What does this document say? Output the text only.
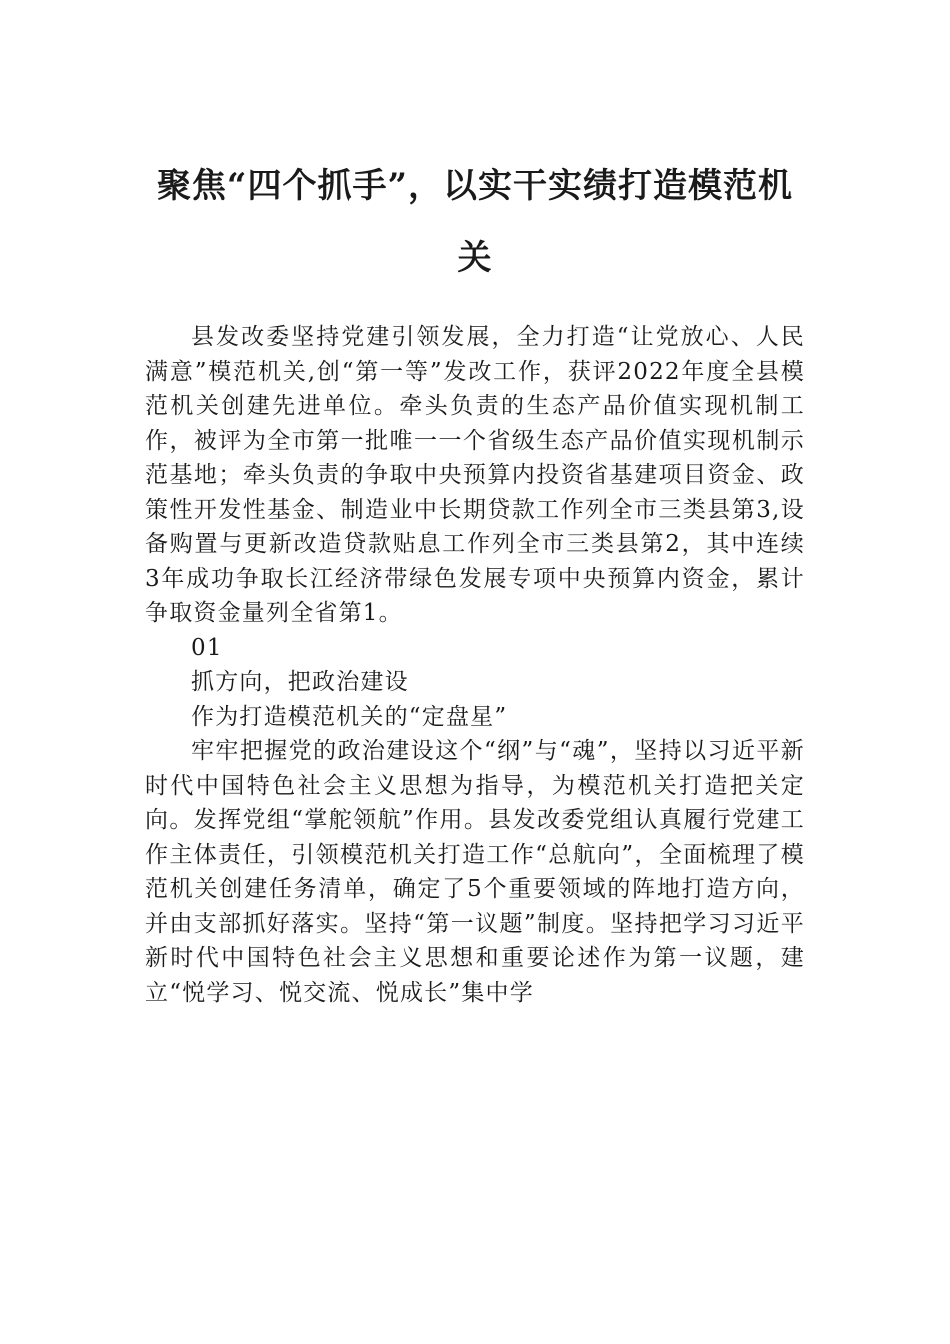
聚焦“四个抓手”，以实干实绩打造模范机关

县发改委坚持党建引领发展，全力打造“让党放心、人民满意”模范机关,创“第一等”发改工作，获评2022年度全县模范机关创建先进单位。牵头负责的生态产品价值实现机制工作，被评为全市第一批唯一一个省级生态产品价值实现机制示范基地；牵头负责的争取中央预算内投资省基建项目资金、政策性开发性基金、制造业中长期贷款工作列全市三类县第3,设备购置与更新改造贷款贴息工作列全市三类县第2，其中连续3年成功争取长江经济带绿色发展专项中央预算内资金，累计争取资金量列全省第1。

01

抓方向，把政治建设

作为打造模范机关的“定盘星”

牢牢把握党的政治建设这个“纲”与“魂”，坚持以习近平新时代中国特色社会主义思想为指导，为模范机关打造把关定向。发挥党组“掌舵领航”作用。县发改委党组认真履行党建工作主体责任，引领模范机关打造工作“总航向”，全面梳理了模范机关创建任务清单，确定了5个重要领域的阵地打造方向，并由支部抓好落实。坚持“第一议题”制度。坚持把学习习近平新时代中国特色社会主义思想和重要论述作为第一议题，建立“悦学习、悦交流、悦成长”集中学
